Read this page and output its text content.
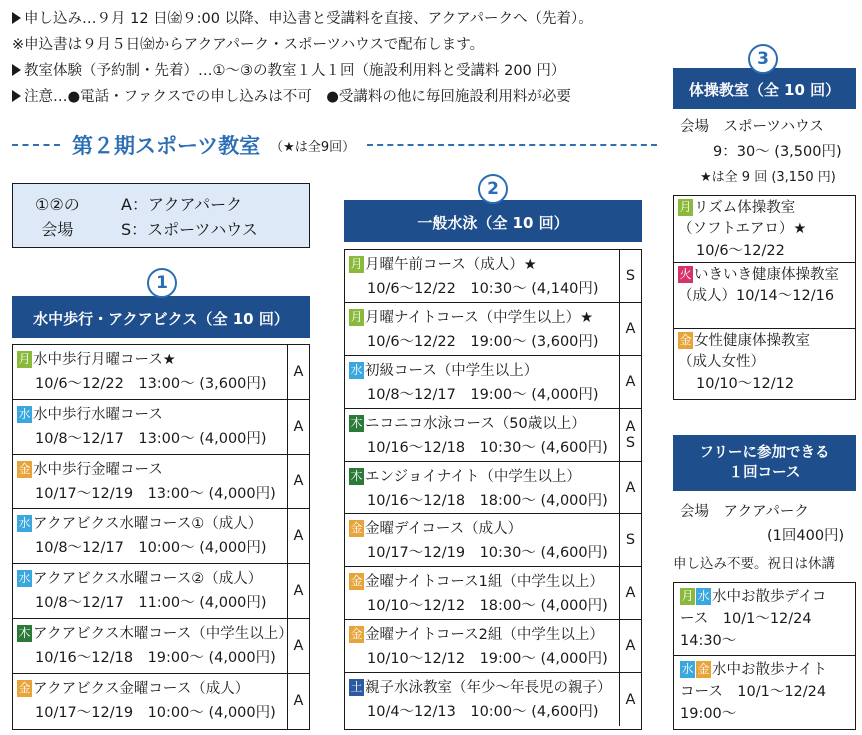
申し込み…９月 12 日㈮９:00 以降、申込書と受講料を直接、アクアパークへ（先着）。
※申込書は９月５日㈮からアクアパーク・スポーツハウスで配布します。
教室体験（予約制・先着）…①～③の教室１人１回（施設利用料と受講料 200 円）
注意…●電話・ファクスでの申し込みは不可　●受講料の他に毎回施設利用料が必要
第２期スポーツ教室 （★は全9回）
①②の
会場
A：アクアパーク
S：スポーツハウス
1
水中歩行・アクアビクス（全 10 回）
月 水中歩行月曜コース★
10/6～12/22　13:00～ (3,600円)
A
水 水中歩行水曜コース
10/8～12/17　13:00～ (4,000円)
A
金 水中歩行金曜コース
10/17～12/19　13:00～ (4,000円)
A
水 アクアビクス水曜コース①（成人）
10/8～12/17　10:00～ (4,000円)
A
水 アクアビクス水曜コース②（成人）
10/8～12/17　11:00～ (4,000円)
A
木 アクアビクス木曜コース（中学生以上）
10/16～12/18　19:00～ (4,000円)
A
金 アクアビクス金曜コース（成人）
10/17～12/19　10:00～ (4,000円)
A
2
一般水泳（全 10 回）
月 月曜午前コース（成人）★
10/6～12/22　10:30～ (4,140円)
S
月 月曜ナイトコース（中学生以上）★
10/6～12/22　19:00～ (3,600円)
A
水 初級コース（中学生以上）
10/8～12/17　19:00～ (4,000円)
A
木 ニコニコ水泳コース（50歳以上）
10/16～12/18　10:30～ (4,600円)
A
S
木 エンジョイナイト（中学生以上）
10/16～12/18　18:00～ (4,000円)
A
金 金曜デイコース（成人）
10/17～12/19　10:30～ (4,600円)
S
金 金曜ナイトコース1組（中学生以上）
10/10～12/12　18:00～ (4,000円)
A
金 金曜ナイトコース2組（中学生以上）
10/10～12/12　19:00～ (4,000円)
A
土 親子水泳教室（年少～年長児の親子）
10/4～12/13　10:00～ (4,600円)
A
3
体操教室（全 10 回）
会場　スポーツハウス
9：30～ (3,500円)
★は全 9 回 (3,150 円)
月 リズム体操教室
（ソフトエアロ）★
10/6～12/22
火 いきいき健康体操教室
（成人）10/14～12/16
金 女性健康体操教室
（成人女性）
10/10～12/12
フリーに参加できる
１回コース
会場　アクアパーク
(1回400円)
申し込み不要。祝日は休講
月 水 水中お散歩デイコ
ース　10/1～12/24
14:30～
水 金 水中お散歩ナイト
コース　10/1～12/24
19:00～
